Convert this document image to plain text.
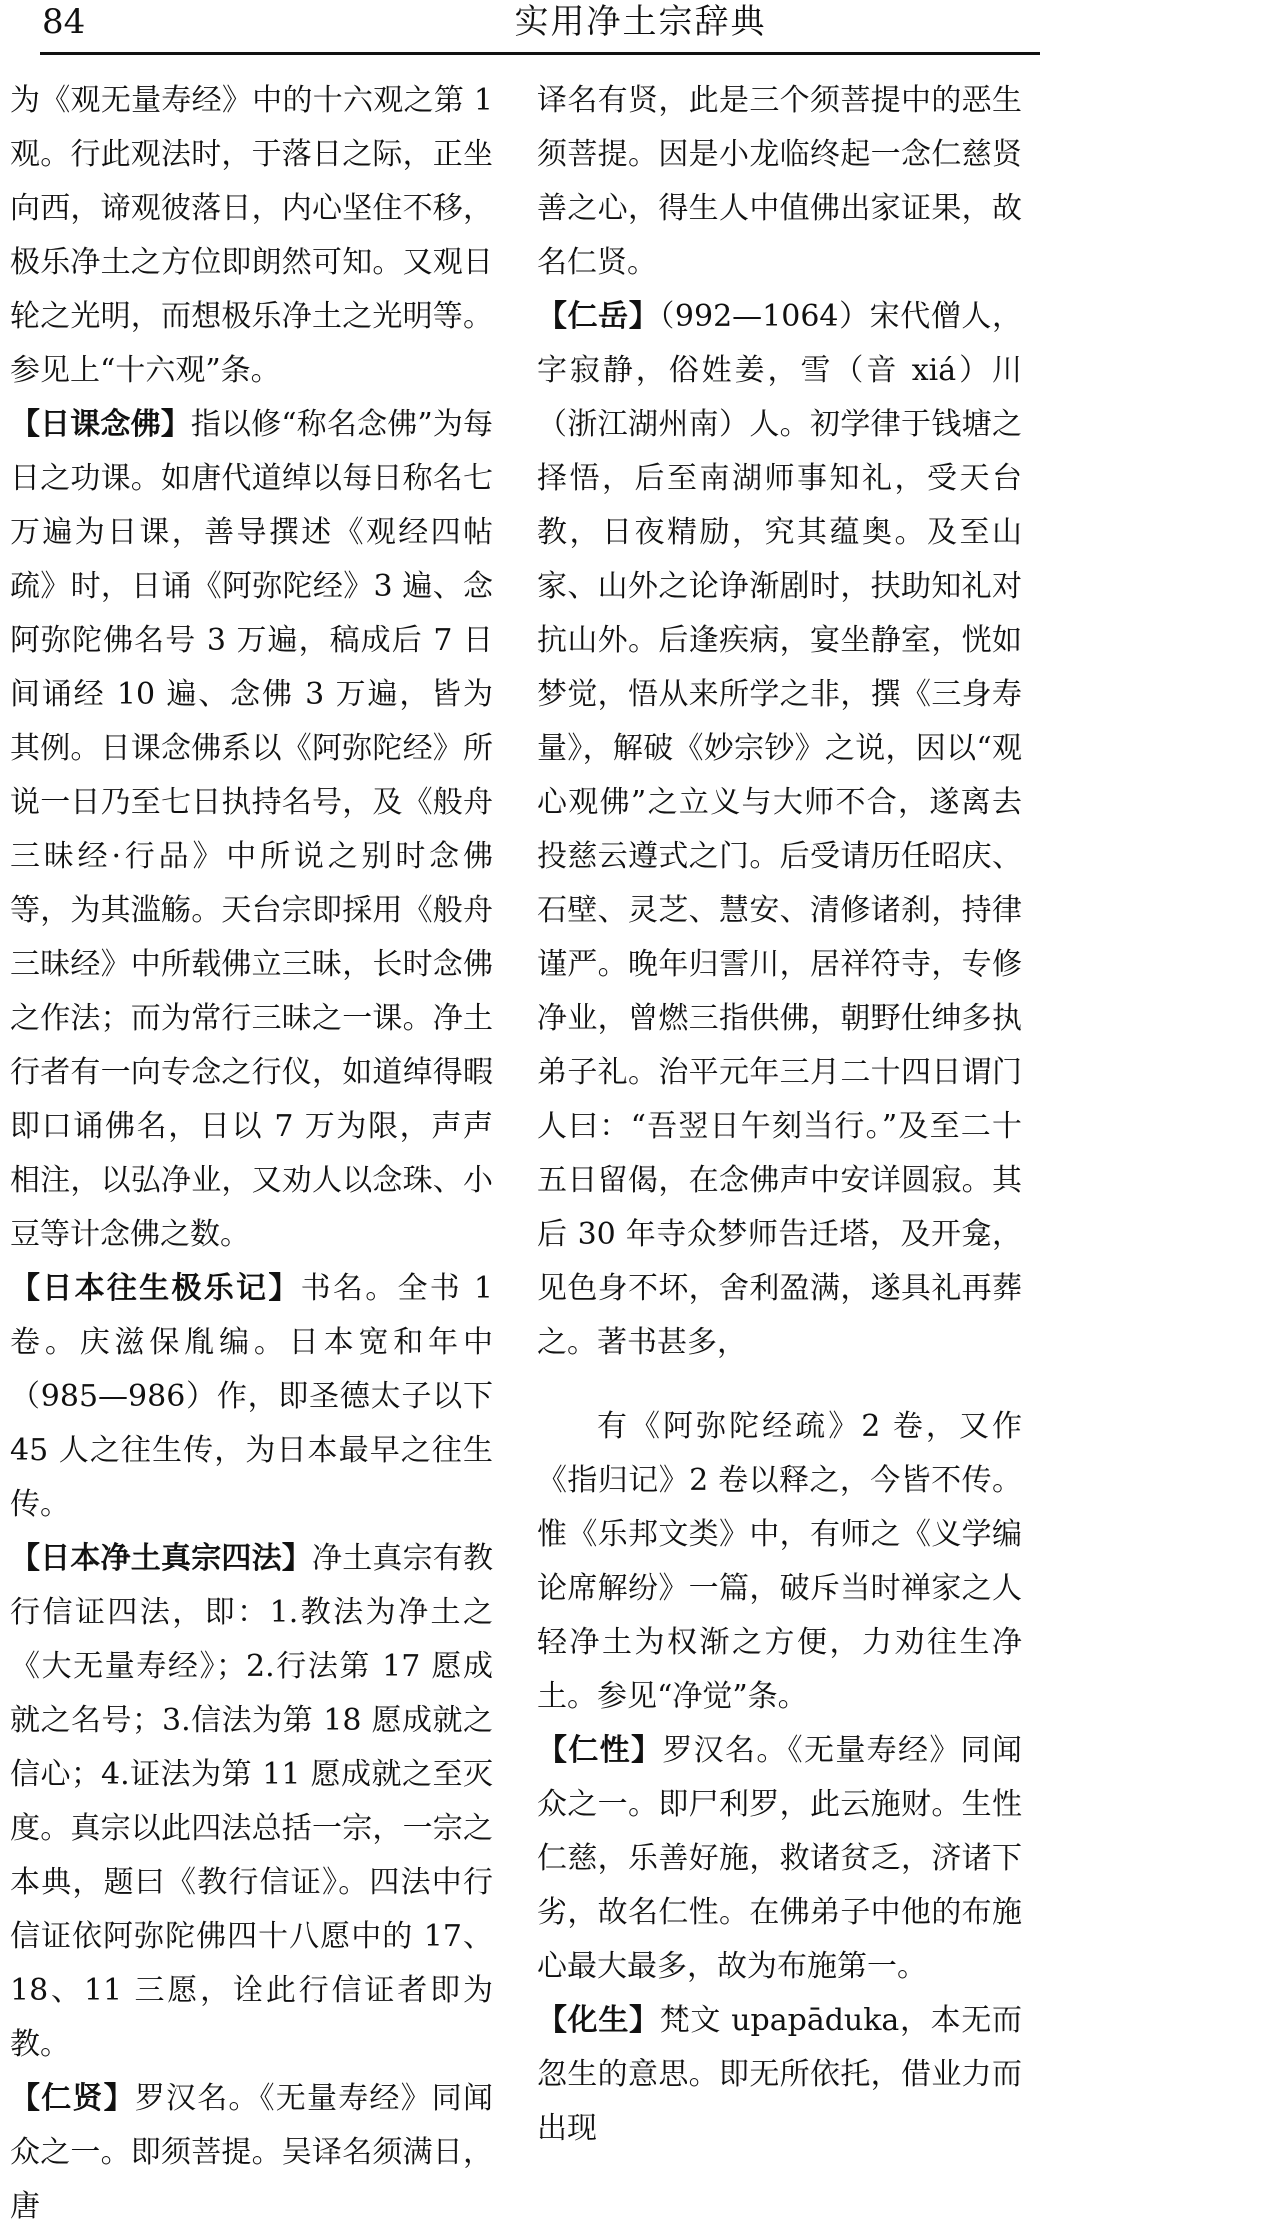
84	实用净土宗辞典

为《观无量寿经》中的十六观之第 1 观。行此观法时，于落日之际，正坐向西，谛观彼落日，内心坚住不移，极乐净土之方位即朗然可知。又观日轮之光明，而想极乐净土之光明等。参见上“十六观”条。

【日课念佛】指以修“称名念佛”为每日之功课。如唐代道绰以每日称名七万遍为日课，善导撰述《观经四帖疏》时，日诵《阿弥陀经》3 遍、念阿弥陀佛名号 3 万遍，稿成后 7 日间诵经 10 遍、念佛 3 万遍，皆为其例。日课念佛系以《阿弥陀经》所说一日乃至七日执持名号，及《般舟三昧经·行品》中所说之别时念佛等，为其滥觞。天台宗即採用《般舟三昧经》中所载佛立三昧，长时念佛之作法；而为常行三昧之一课。净土行者有一向专念之行仪，如道绰得暇即口诵佛名，日以 7 万为限，声声相注，以弘净业，又劝人以念珠、小豆等计念佛之数。

【日本往生极乐记】书名。全书 1 卷。庆滋保胤编。日本宽和年中（985—986）作，即圣德太子以下 45 人之往生传，为日本最早之往生传。

【日本净土真宗四法】净土真宗有教行信证四法，即：1.教法为净土之《大无量寿经》；2.行法第 17 愿成就之名号；3.信法为第 18 愿成就之信心；4.证法为第 11 愿成就之至灭度。真宗以此四法总括一宗，一宗之本典，题曰《教行信证》。四法中行信证依阿弥陀佛四十八愿中的 17、18、11 三愿，诠此行信证者即为教。

【仁贤】罗汉名。《无量寿经》同闻众之一。即须菩提。吴译名须满日，唐

译名有贤，此是三个须菩提中的恶生须菩提。因是小龙临终起一念仁慈贤善之心，得生人中值佛出家证果，故名仁贤。

【仁岳】（992—1064）宋代僧人，字寂静，俗姓姜，雪（音 xiá）川（浙江湖州南）人。初学律于钱塘之择悟，后至南湖师事知礼，受天台教，日夜精励，究其蕴奥。及至山家、山外之论诤渐剧时，扶助知礼对抗山外。后逢疾病，宴坐静室，恍如梦觉，悟从来所学之非，撰《三身寿量》，解破《妙宗钞》之说，因以“观心观佛”之立义与大师不合，遂离去投慈云遵式之门。后受请历任昭庆、石壁、灵芝、慧安、清修诸刹，持律谨严。晚年归霅川，居祥符寺，专修净业，曾燃三指供佛，朝野仕绅多执弟子礼。治平元年三月二十四日谓门人曰：“吾翌日午刻当行。”及至二十五日留偈，在念佛声中安详圆寂。其后 30 年寺众梦师告迁塔，及开龛，见色身不坏，舍利盈满，遂具礼再葬之。著书甚多，

有《阿弥陀经疏》2 卷，又作《指归记》2 卷以释之，今皆不传。惟《乐邦文类》中，有师之《义学编论席解纷》一篇，破斥当时禅家之人轻净土为权渐之方便，力劝往生净土。参见“净觉”条。

【仁性】罗汉名。《无量寿经》同闻众之一。即尸利罗，此云施财。生性仁慈，乐善好施，救诸贫乏，济诸下劣，故名仁性。在佛弟子中他的布施心最大最多，故为布施第一。

【化生】梵文 upapāduka，本无而忽生的意思。即无所依托，借业力而出现
